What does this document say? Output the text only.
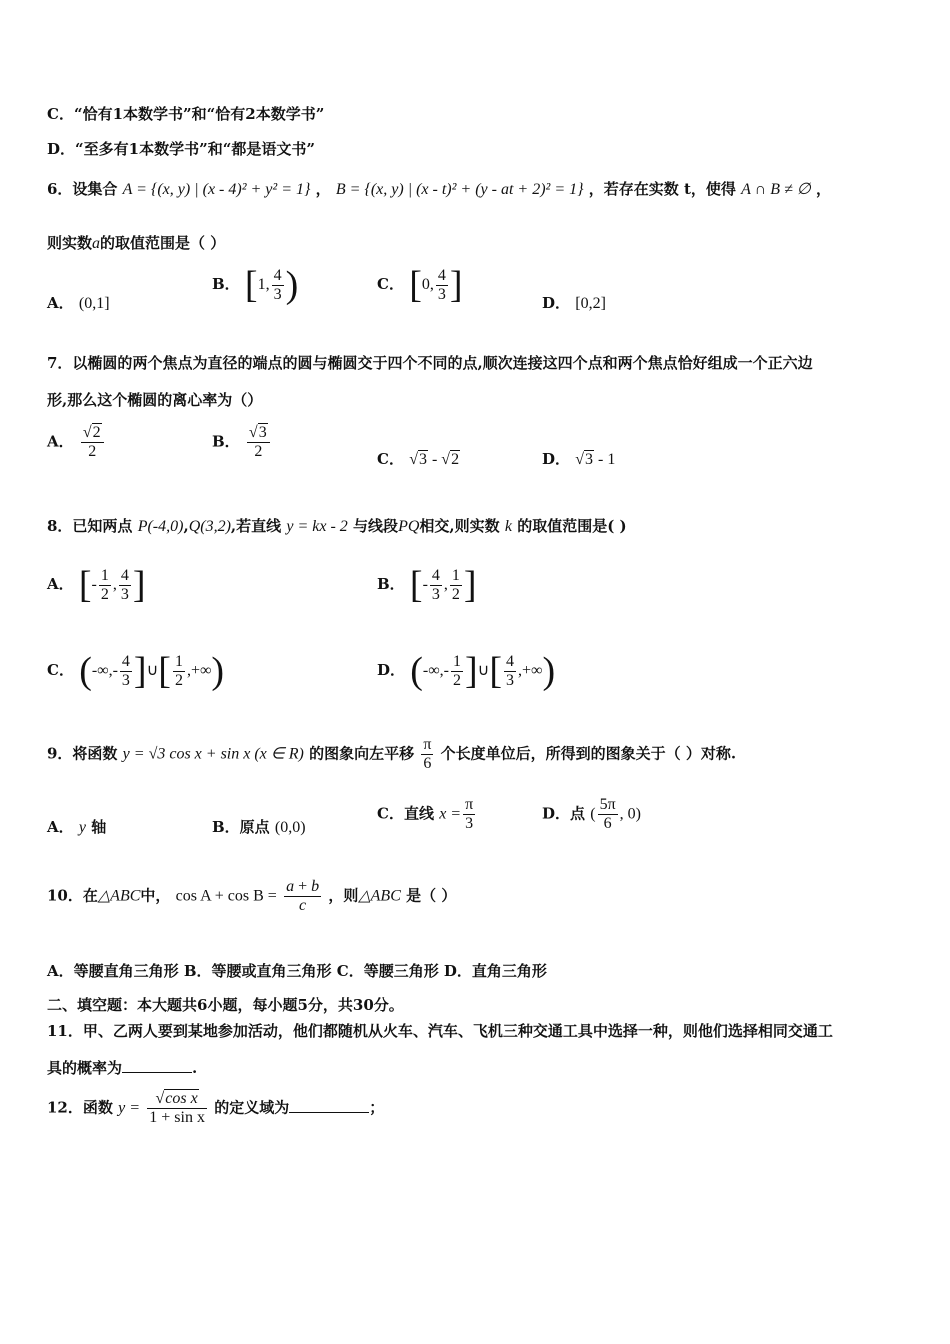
C．“恰有1本数学书”和“恰有2本数学书”
D．“至多有1本数学书”和“都是语文书”
6．设集合 A = {(x, y) | (x - 4)² + y² = 1} ， B = {(x, y) | (x - t)² + (y - at + 2)² = 1} ，若存在实数 t，使得 A ∩ B ≠ ∅ ，
则实数a的取值范围是（ ）
A． (0,1]
B． [1, $\frac{4}{3}$ )	C． [0, $\frac{4}{3}$ ]	D． [0,2]
7．以椭圆的两个焦点为直径的端点的圆与椭圆交于四个不同的点,顺次连接这四个点和两个焦点恰好组成一个正六边
形,那么这个椭圆的离心率为（）
A． $\frac{√2}{2}$	B． $\frac{√3}{2}$	C． √3 - √2	D． √3 - 1
8．已知两点 P(-4,0),Q(3,2),若直线 y = kx - 2 与线段PQ相交,则实数 k 的取值范围是( )
A． [- $\frac{1}{2}$ , $\frac{4}{3}$ ]	B． [- $\frac{4}{3}$ , $\frac{1}{2}$ ]
C． (-∞,- $\frac{4}{3}$ ]∪[ $\frac{1}{2}$ ,+∞)	D． (-∞,- $\frac{1}{2}$ ]∪[ $\frac{4}{3}$ ,+∞)
9．将函数 y = √3 cos x + sin x (x ∈ R) 的图象向左平移 $\frac{\pi}{6}$ 个长度单位后，所得到的图象关于（ ）对称.
A． y 轴	B．原点 (0,0)
C．直线 $x = \frac{\pi}{3}$	D．点 ( $\frac{5\pi}{6}$ , 0)
10．在△ABC中， $\cos A + \cos B = \frac{a + b}{c}$ ，则△ABC 是（ ）
A．等腰直角三角形 B．等腰或直角三角形 C．等腰三角形 D．直角三角形
二、填空题：本大题共6小题，每小题5分，共30分。
11．甲、乙两人要到某地参加活动，他们都随机从火车、汽车、飞机三种交通工具中选择一种，则他们选择相同交通工
具的概率为	.
12．函数 $y = \frac{\text{√cos x}}{\text{1 + sin x}}$ 的定义域为	；
